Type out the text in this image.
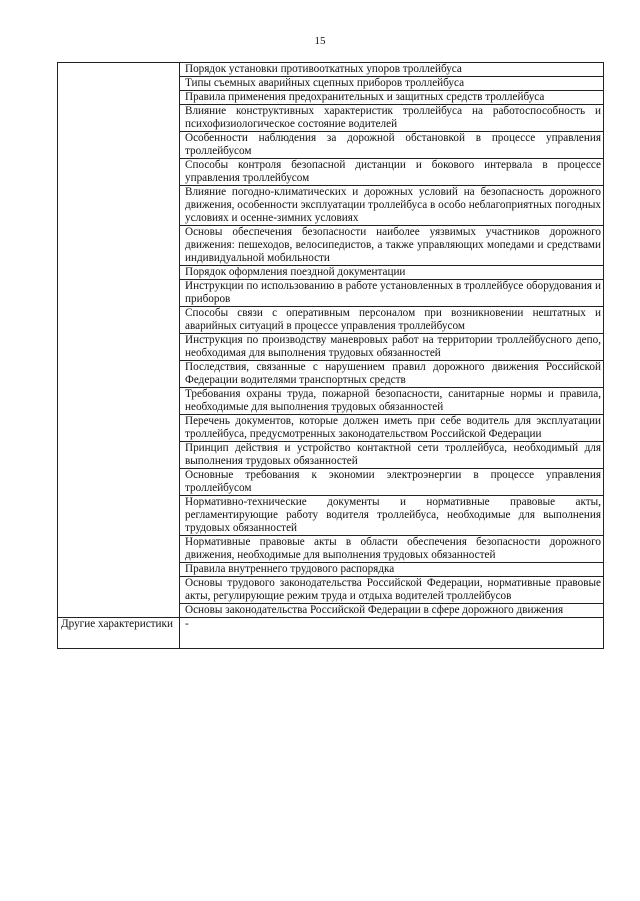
15
	Порядок установки противооткатных упоров троллейбуса
	Типы съемных аварийных сцепных приборов троллейбуса
	Правила применения предохранительных и защитных средств троллейбуса
	Влияние конструктивных характеристик троллейбуса на работоспособность и психофизиологическое состояние водителей
	Особенности наблюдения за дорожной обстановкой в процессе управления троллейбусом
	Способы контроля безопасной дистанции и бокового интервала в процессе управления троллейбусом
	Влияние погодно-климатических и дорожных условий на безопасность дорожного движения, особенности эксплуатации троллейбуса в особо неблагоприятных погодных условиях и осенне-зимних условиях
	Основы обеспечения безопасности наиболее уязвимых участников дорожного движения: пешеходов, велосипедистов, а также управляющих мопедами и средствами индивидуальной мобильности
	Порядок оформления поездной документации
	Инструкции по использованию в работе установленных в троллейбусе оборудования и приборов
	Способы связи с оперативным персоналом при возникновении нештатных и аварийных ситуаций в процессе управления троллейбусом
	Инструкция по производству маневровых работ на территории троллейбусного депо, необходимая для выполнения трудовых обязанностей
	Последствия, связанные с нарушением правил дорожного движения Российской Федерации водителями транспортных средств
	Требования охраны труда, пожарной безопасности, санитарные нормы и правила, необходимые для выполнения трудовых обязанностей
	Перечень документов, которые должен иметь при себе водитель для эксплуатации троллейбуса, предусмотренных законодательством Российской Федерации
	Принцип действия и устройство контактной сети троллейбуса, необходимый для выполнения трудовых обязанностей
	Основные требования к экономии электроэнергии в процессе управления троллейбусом
	Нормативно-технические документы и нормативные правовые акты, регламентирующие работу водителя троллейбуса, необходимые для выполнения трудовых обязанностей
	Нормативные правовые акты в области обеспечения безопасности дорожного движения, необходимые для выполнения трудовых обязанностей
	Правила внутреннего трудового распорядка
	Основы трудового законодательства Российской Федерации, нормативные правовые акты, регулирующие режим труда и отдыха водителей троллейбусов
	Основы законодательства Российской Федерации в сфере дорожного движения
Другие характеристики	-
